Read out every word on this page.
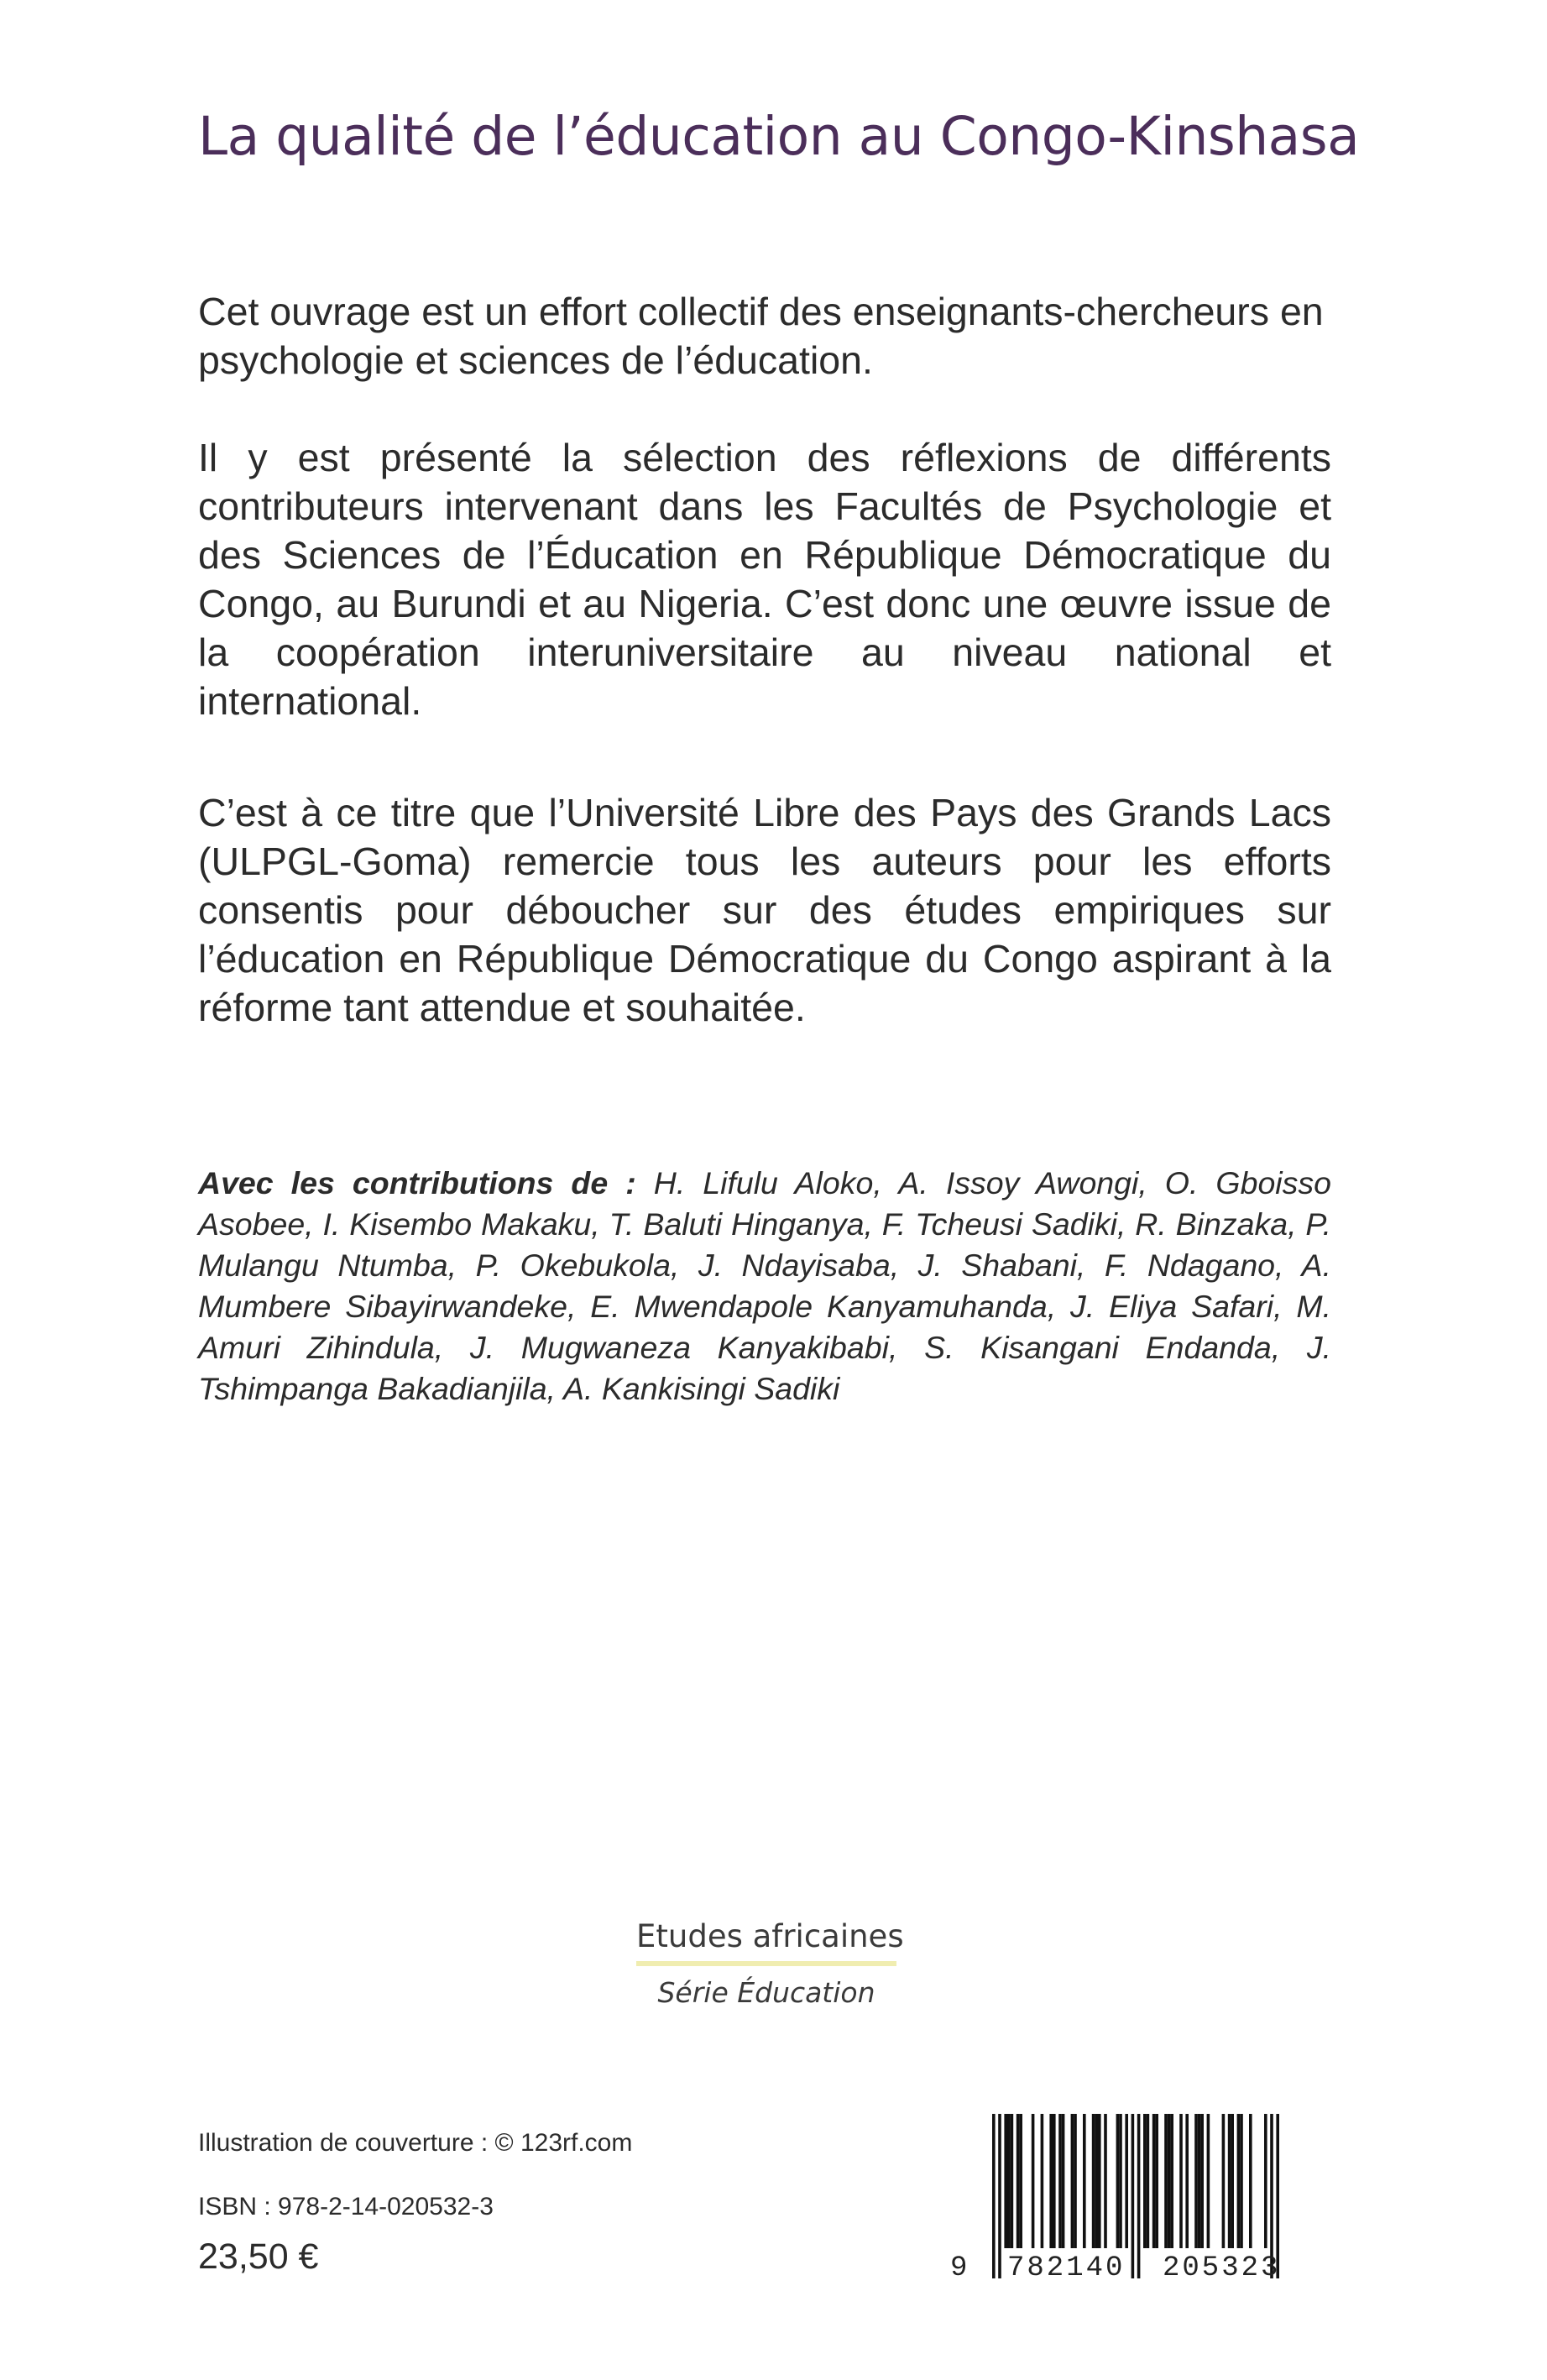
La qualité de l’éducation au Congo-Kinshasa

Cet ouvrage est un effort collectif des enseignants-chercheurs en psychologie et sciences de l’éducation.

Il y est présenté la sélection des réflexions de différents contributeurs intervenant dans les Facultés de Psychologie et des Sciences de l’Éducation en République Démocratique du Congo, au Burundi et au Nigeria. C’est donc une œuvre issue de la coopération interuniversitaire au niveau national et international.

C’est à ce titre que l’Université Libre des Pays des Grands Lacs (ULPGL-Goma) remercie tous les auteurs pour les efforts consentis pour déboucher sur des études empiriques sur l’éducation en République Démocratique du Congo aspirant à la réforme tant attendue et souhaitée.

Avec les contributions de : H. Lifulu Aloko, A. Issoy Awongi, O. Gboisso Asobee, I. Kisembo Makaku, T. Baluti Hinganya, F. Tcheusi Sadiki, R. Binzaka, P. Mulangu Ntumba, P. Okebukola, J. Ndayisaba, J. Shabani, F. Ndagano, A. Mumbere Sibayirwandeke, E. Mwendapole Kanyamuhanda, J. Eliya Safari, M. Amuri Zihindula, J. Mugwaneza Kanyakibabi, S. Kisangani Endanda, J. Tshimpanga Bakadianjila, A. Kankisingi Sadiki
Etudes africaines
Série Éducation
Illustration de couverture : © 123rf.com
ISBN : 978-2-14-020532-3
23,50 €	9 782140 205323
